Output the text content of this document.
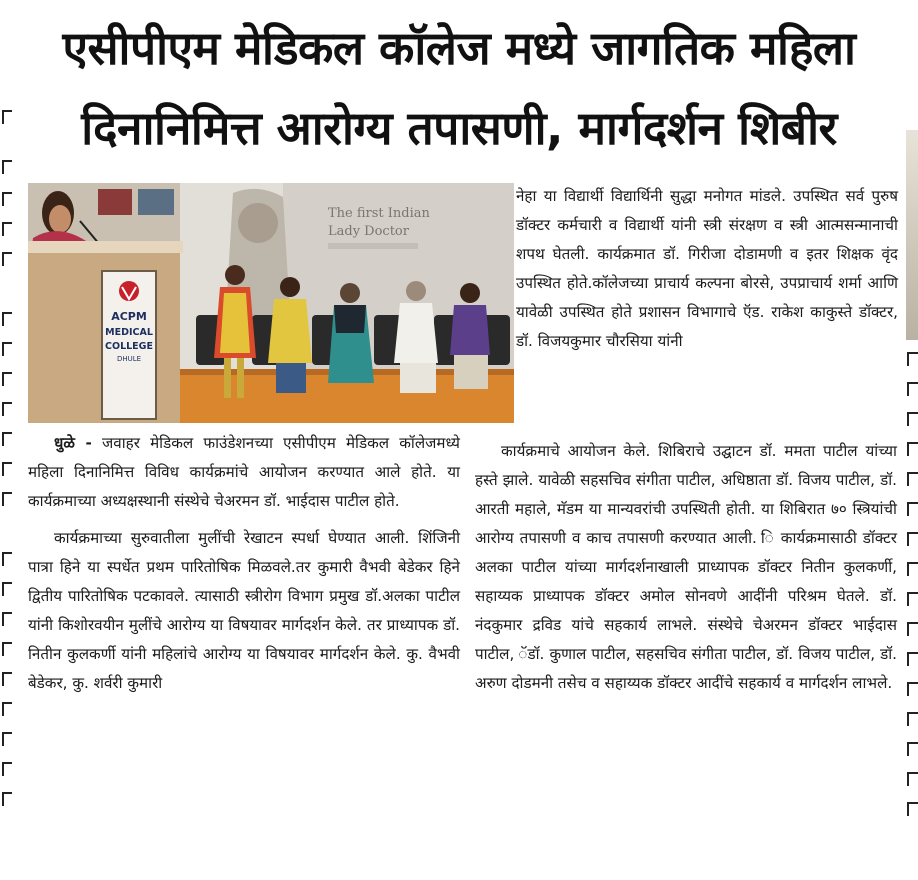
एसीपीएम मेडिकल कॉलेज मध्ये जागतिक महिला
दिनानिमित्त आरोग्य तपासणी, मार्गदर्शन शिबीर
The first Indian
Lady Doctor
ACPM
MEDICAL
COLLEGE
DHULE

नेहा या विद्यार्थी विद्यार्थिनी सुद्धा मनोगत मांडले. उपस्थित सर्व पुरुष डॉक्टर कर्मचारी व विद्यार्थी यांनी स्त्री संरक्षण व स्त्री आत्मसन्मानाची शपथ घेतली. कार्यक्रमात डॉ. गिरीजा दोडामणी व इतर शिक्षक वृंद उपस्थित होते.कॉलेजच्या प्राचार्य कल्पना बोरसे, उपप्राचार्य शर्मा आणि यावेळी उपस्थित होते प्रशासन विभागाचे ऍड. राकेश काकुस्ते डॉक्टर, डॉ. विजयकुमार चौरसिया यांनी

धुळे - जवाहर मेडिकल फाउंडेशनच्या एसीपीएम मेडिकल कॉलेजमध्ये महिला दिनानिमित्त विविध कार्यक्रमांचे आयोजन करण्यात आले होते. या कार्यक्रमाच्या अध्यक्षस्थानी संस्थेचे चेअरमन डॉ. भाईदास पाटील होते.

कार्यक्रमाच्या सुरुवातीला मुलींची रेखाटन स्पर्धा घेण्यात आली. शिंजिनी पात्रा हिने या स्पर्धेत प्रथम पारितोषिक मिळवले.तर कुमारी वैभवी बेडेकर हिने द्वितीय पारितोषिक पटकावले. त्यासाठी स्त्रीरोग विभाग प्रमुख डॉ.अलका पाटील यांनी किशोरवयीन मुलींचे आरोग्य या विषयावर मार्गदर्शन केले. तर प्राध्यापक डॉ. नितीन कुलकर्णी यांनी महिलांचे आरोग्य या विषयावर मार्गदर्शन केले. कु. वैभवी बेडेकर, कु. शर्वरी कुमारी

कार्यक्रमाचे आयोजन केले. शिबिराचे उद्घाटन डॉ. ममता पाटील यांच्या हस्ते झाले. यावेळी सहसचिव संगीता पाटील, अधिष्ठाता डॉ. विजय पाटील, डॉ. आरती महाले, मॅडम या मान्यवरांची उपस्थिती होती. या शिबिरात ७० स्त्रियांची आरोग्य तपासणी व काच तपासणी करण्यात आली. ि कार्यक्रमासाठी डॉक्टर अलका पाटील यांच्या मार्गदर्शनाखाली प्राध्यापक डॉक्टर नितीन कुलकर्णी, सहाय्यक प्राध्यापक डॉक्टर अमोल सोनवणे आदींनी परिश्रम घेतले. डॉ. नंदकुमार द्रविड यांचे सहकार्य लाभले. संस्थेचे चेअरमन डॉक्टर भाईदास पाटील, ॅडॉ. कुणाल पाटील, सहसचिव संगीता पाटील, डॉ. विजय पाटील, डॉ. अरुण दोडमनी तसेच व सहाय्यक डॉक्टर आदींचे सहकार्य व मार्गदर्शन लाभले.
